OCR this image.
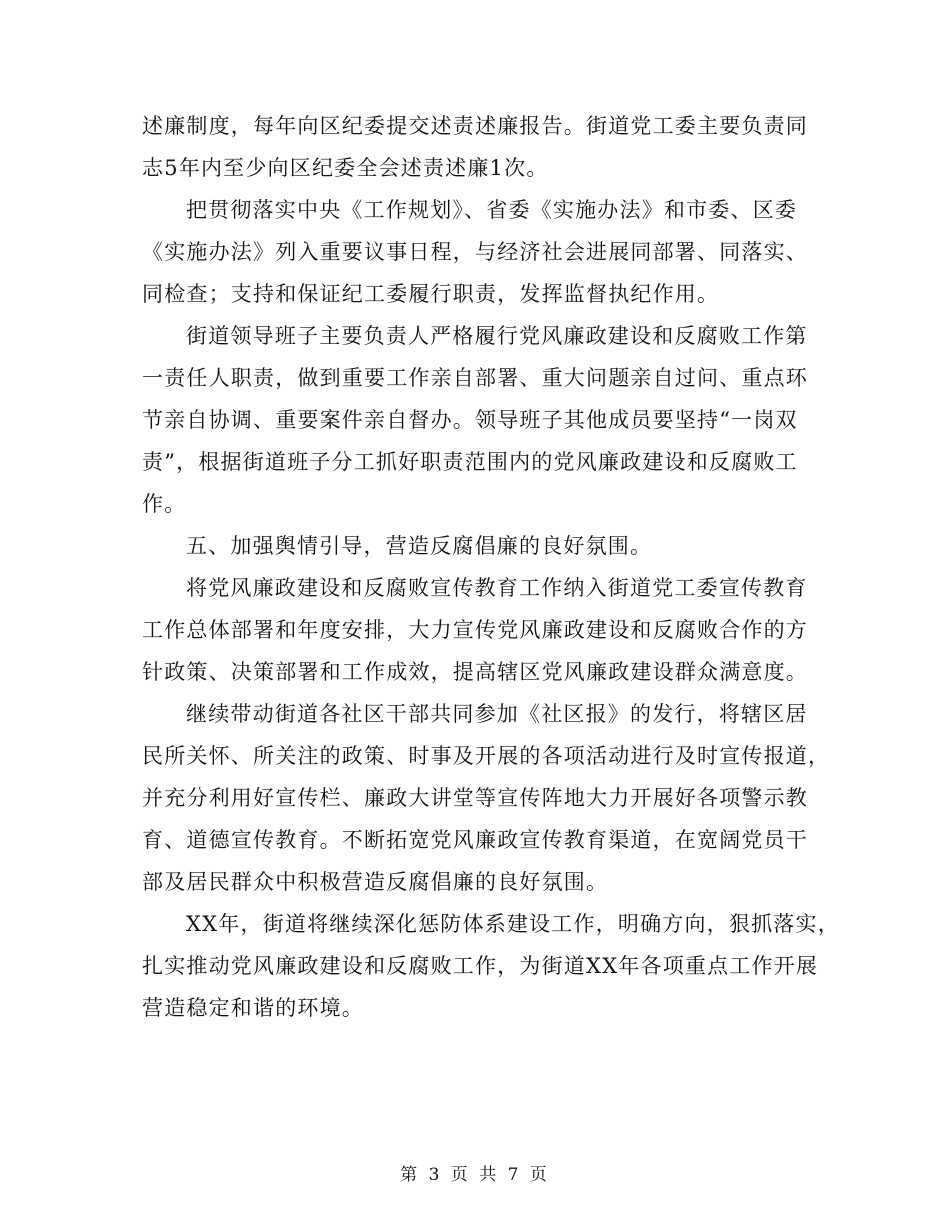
述廉制度，每年向区纪委提交述责述廉报告。街道党工委主要负责同
志5年内至少向区纪委全会述责述廉1次。
把贯彻落实中央《工作规划》、省委《实施办法》和市委、区委
《实施办法》列入重要议事日程，与经济社会进展同部署、同落实、
同检查；支持和保证纪工委履行职责，发挥监督执纪作用。
街道领导班子主要负责人严格履行党风廉政建设和反腐败工作第
一责任人职责，做到重要工作亲自部署、重大问题亲自过问、重点环
节亲自协调、重要案件亲自督办。领导班子其他成员要坚持“一岗双
责”，根据街道班子分工抓好职责范围内的党风廉政建设和反腐败工
作。
五、加强舆情引导，营造反腐倡廉的良好氛围。
将党风廉政建设和反腐败宣传教育工作纳入街道党工委宣传教育
工作总体部署和年度安排，大力宣传党风廉政建设和反腐败合作的方
针政策、决策部署和工作成效，提高辖区党风廉政建设群众满意度。
继续带动街道各社区干部共同参加《社区报》的发行，将辖区居
民所关怀、所关注的政策、时事及开展的各项活动进行及时宣传报道，
并充分利用好宣传栏、廉政大讲堂等宣传阵地大力开展好各项警示教
育、道德宣传教育。不断拓宽党风廉政宣传教育渠道，在宽阔党员干
部及居民群众中积极营造反腐倡廉的良好氛围。
XX年，街道将继续深化惩防体系建设工作，明确方向，狠抓落实，
扎实推动党风廉政建设和反腐败工作，为街道XX年各项重点工作开展
营造稳定和谐的环境。
第 3 页 共 7 页
